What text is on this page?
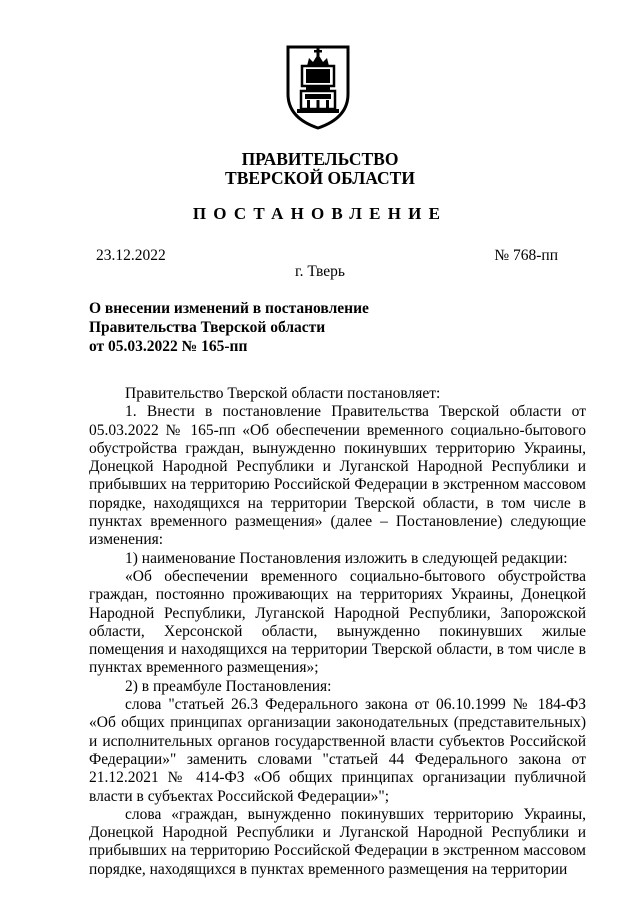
ПРАВИТЕЛЬСТВО
ТВЕРСКОЙ ОБЛАСТИ
ПОСТАНОВЛЕНИЕ
23.12.2022	№ 768-пп
г. Тверь
О внесении изменений в постановление
Правительства Тверской области
от 05.03.2022 № 165-пп

Правительство Тверской области постановляет:

1. Внести в постановление Правительства Тверской области от 05.03.2022 № 165-пп «Об обеспечении временного социально-бытового обустройства граждан, вынужденно покинувших территорию Украины, Донецкой Народной Республики и Луганской Народной Республики и прибывших на территорию Российской Федерации в экстренном массовом порядке, находящихся на территории Тверской области, в том числе в пунктах временного размещения» (далее – Постановление) следующие изменения:

1) наименование Постановления изложить в следующей редакции:

«Об обеспечении временного социально-бытового обустройства граждан, постоянно проживающих на территориях Украины, Донецкой Народной Республики, Луганской Народной Республики, Запорожской области, Херсонской области, вынужденно покинувших жилые помещения и находящихся на территории Тверской области, в том числе в пунктах временного размещения»;

2) в преамбуле Постановления:

слова "статьей 26.3 Федерального закона от 06.10.1999 № 184-ФЗ «Об общих принципах организации законодательных (представительных) и исполнительных органов государственной власти субъектов Российской Федерации»" заменить словами "статьей 44 Федерального закона от 21.12.2021 № 414-ФЗ «Об общих принципах организации публичной власти в субъектах Российской Федерации»";

слова «граждан, вынужденно покинувших территорию Украины, Донецкой Народной Республики и Луганской Народной Республики и прибывших на территорию Российской Федерации в экстренном массовом порядке, находящихся в пунктах временного размещения на территории
